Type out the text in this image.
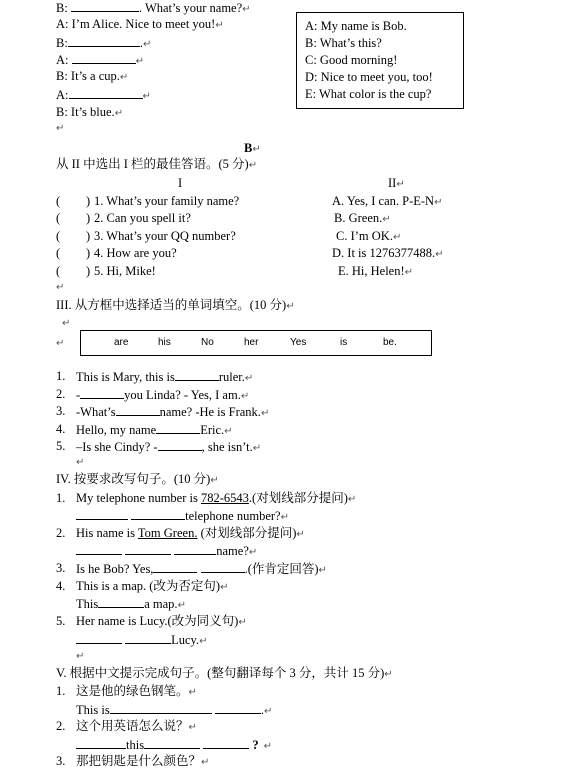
B:	. What’s your name?↵
A: I’m Alice. Nice to meet you!↵
B:	.↵
A:	↵
B: It’s a cup.↵
A:	↵
B: It’s blue.↵
↵
A: My name is Bob.
B: What’s this?
C: Good morning!
D: Nice to meet you, too!
E: What color is the cup?
B↵
从 II 中选出 I 栏的最佳答语。(5 分)↵
I	II↵
( ) 1. What’s your family name?	A. Yes, I can. P-E-N↵
( ) 2. Can you spell it?	B. Green.↵
( ) 3. What’s your QQ number?	C. I’m OK.↵
( ) 4. How are you?	D. It is 1276377488.↵
( ) 5. Hi, Mike!	E. Hi, Helen!↵
↵
III. 从方框中选择适当的单词填空。(10 分)↵
↵
↵	are	his	No	her	Yes	is	be.
1. This is Mary, this is	ruler.↵
2. -	you Linda? - Yes, I am.↵
3. -What’s	name? -He is Frank.↵
4. Hello, my name	Eric.↵
5. –Is she Cindy? -	, she isn’t.↵
↵
IV. 按要求改写句子。(10 分)↵
1. My telephone number is 782-6543.(对划线部分提问)↵
telephone number?↵
2. His name is Tom Green. (对划线部分提问)↵
name?↵
3. Is he Bob? Yes,	.(作肯定回答)↵
4. This is a map. (改为否定句)↵
This	a map.↵
5. Her name is Lucy.(改为同义句)↵
Lucy.↵
↵
V. 根据中文提示完成句子。(整句翻译每个 3 分，共计 15 分)↵
1. 这是他的绿色钢笔。↵
This is	.↵
2. 这个用英语怎么说？↵
this	?  ↵
3. 那把钥匙是什么颜色？↵
